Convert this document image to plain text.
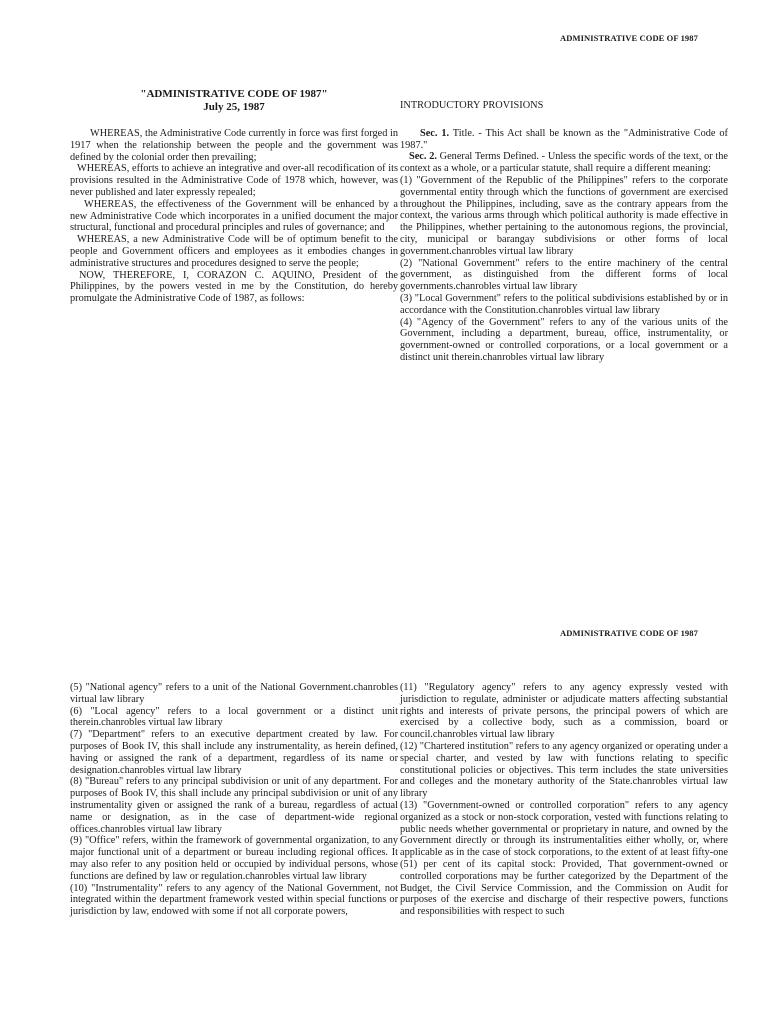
ADMINISTRATIVE CODE OF 1987
"ADMINISTRATIVE CODE OF 1987"
July 25, 1987

WHEREAS, the Administrative Code currently in force was first forged in 1917 when the relationship between the people and the government was defined by the colonial order then prevailing;

WHEREAS, efforts to achieve an integrative and over-all recodification of its provisions resulted in the Administrative Code of 1978 which, however, was never published and later expressly repealed;

WHEREAS, the effectiveness of the Government will be enhanced by a new Administrative Code which incorporates in a unified document the major structural, functional and procedural principles and rules of governance; and

WHEREAS, a new Administrative Code will be of optimum benefit to the people and Government officers and employees as it embodies changes in administrative structures and procedures designed to serve the people;

NOW, THEREFORE, I, CORAZON C. AQUINO, President of the Philippines, by the powers vested in me by the Constitution, do hereby promulgate the Administrative Code of 1987, as follows:

INTRODUCTORY PROVISIONS

Sec. 1. Title. - This Act shall be known as the "Administrative Code of 1987."

Sec. 2. General Terms Defined. - Unless the specific words of the text, or the context as a whole, or a particular statute, shall require a different meaning:

(1) "Government of the Republic of the Philippines" refers to the corporate governmental entity through which the functions of government are exercised throughout the Philippines, including, save as the contrary appears from the context, the various arms through which political authority is made effective in the Philippines, whether pertaining to the autonomous regions, the provincial, city, municipal or barangay subdivisions or other forms of local government.chanrobles virtual law library

(2) "National Government" refers to the entire machinery of the central government, as distinguished from the different forms of local governments.chanrobles virtual law library

(3) "Local Government" refers to the political subdivisions established by or in accordance with the Constitution.chanrobles virtual law library

(4) "Agency of the Government" refers to any of the various units of the Government, including a department, bureau, office, instrumentality, or government-owned or controlled corporations, or a local government or a distinct unit therein.chanrobles virtual law library

ADMINISTRATIVE CODE OF 1987

(5) "National agency" refers to a unit of the National Government.chanrobles virtual law library

(6) "Local agency" refers to a local government or a distinct unit therein.chanrobles virtual law library

(7) "Department" refers to an executive department created by law. For purposes of Book IV, this shall include any instrumentality, as herein defined, having or assigned the rank of a department, regardless of its name or designation.chanrobles virtual law library

(8) "Bureau" refers to any principal subdivision or unit of any department. For purposes of Book IV, this shall include any principal subdivision or unit of any instrumentality given or assigned the rank of a bureau, regardless of actual name or designation, as in the case of department-wide regional offices.chanrobles virtual law library

(9) "Office" refers, within the framework of governmental organization, to any major functional unit of a department or bureau including regional offices. It may also refer to any position held or occupied by individual persons, whose functions are defined by law or regulation.chanrobles virtual law library

(10) "Instrumentality" refers to any agency of the National Government, not integrated within the department framework vested within special functions or jurisdiction by law, endowed with some if not all corporate powers,

(11) "Regulatory agency" refers to any agency expressly vested with jurisdiction to regulate, administer or adjudicate matters affecting substantial rights and interests of private persons, the principal powers of which are exercised by a collective body, such as a commission, board or council.chanrobles virtual law library

(12) "Chartered institution" refers to any agency organized or operating under a special charter, and vested by law with functions relating to specific constitutional policies or objectives. This term includes the state universities and colleges and the monetary authority of the State.chanrobles virtual law library

(13) "Government-owned or controlled corporation" refers to any agency organized as a stock or non-stock corporation, vested with functions relating to public needs whether governmental or proprietary in nature, and owned by the Government directly or through its instrumentalities either wholly, or, where applicable as in the case of stock corporations, to the extent of at least fifty-one (51) per cent of its capital stock: Provided, That government-owned or controlled corporations may be further categorized by the Department of the Budget, the Civil Service Commission, and the Commission on Audit for purposes of the exercise and discharge of their respective powers, functions and responsibilities with respect to such
